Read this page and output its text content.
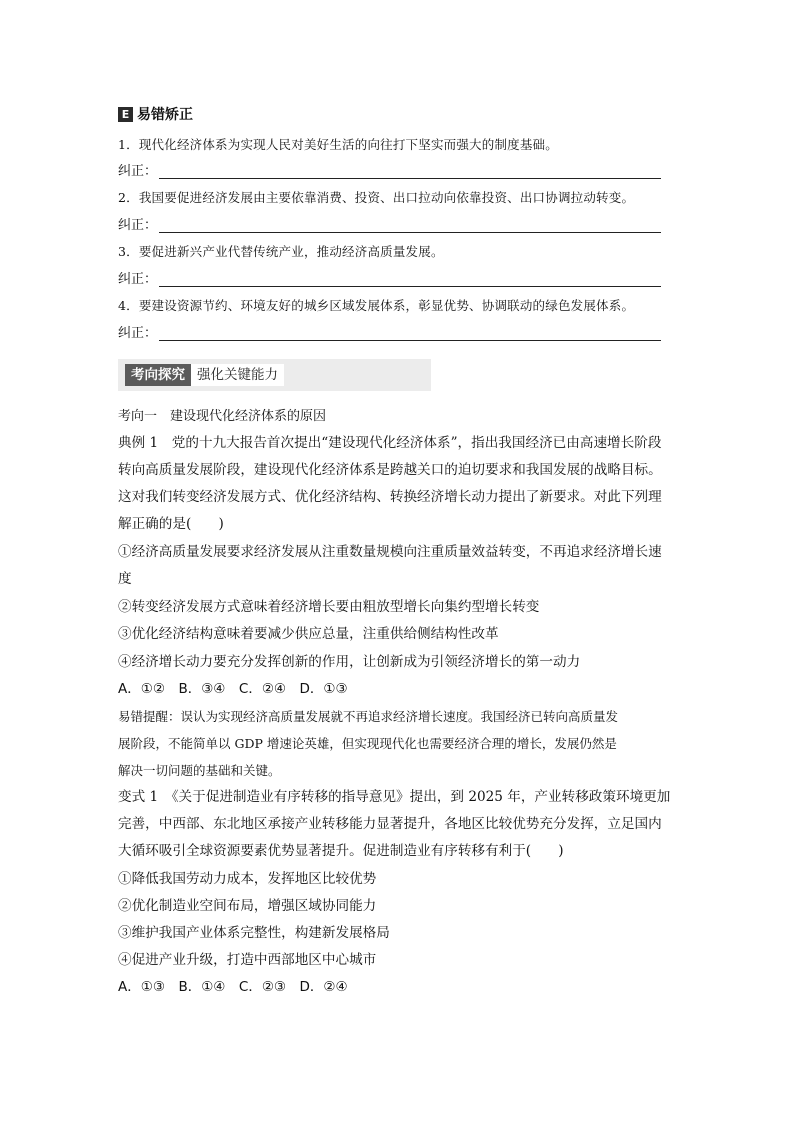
E 易错矫正
1．现代化经济体系为实现人民对美好生活的向往打下坚实而强大的制度基础。
纠正：
2．我国要促进经济发展由主要依靠消费、投资、出口拉动向依靠投资、出口协调拉动转变。
纠正：
3．要促进新兴产业代替传统产业，推动经济高质量发展。
纠正：
4．要建设资源节约、环境友好的城乡区域发展体系，彰显优势、协调联动的绿色发展体系。
纠正：
考向探究 强化关键能力
考向一　建设现代化经济体系的原因
典例 1　党的十九大报告首次提出“建设现代化经济体系”，指出我国经济已由高速增长阶段
转向高质量发展阶段，建设现代化经济体系是跨越关口的迫切要求和我国发展的战略目标。
这对我们转变经济发展方式、优化经济结构、转换经济增长动力提出了新要求。对此下列理
解正确的是(　　)
①经济高质量发展要求经济发展从注重数量规模向注重质量效益转变，不再追求经济增长速
度
②转变经济发展方式意味着经济增长要由粗放型增长向集约型增长转变
③优化经济结构意味着要减少供应总量，注重供给侧结构性改革
④经济增长动力要充分发挥创新的作用，让创新成为引领经济增长的第一动力
A．①②　B．③④　C．②④　D．①③
易错提醒：误认为实现经济高质量发展就不再追求经济增长速度。我国经济已转向高质量发
展阶段，不能简单以 GDP 增速论英雄，但实现现代化也需要经济合理的增长，发展仍然是
解决一切问题的基础和关键。
变式 1　《关于促进制造业有序转移的指导意见》提出，到 2025 年，产业转移政策环境更加
完善，中西部、东北地区承接产业转移能力显著提升，各地区比较优势充分发挥，立足国内
大循环吸引全球资源要素优势显著提升。促进制造业有序转移有利于(　　)
①降低我国劳动力成本，发挥地区比较优势
②优化制造业空间布局，增强区域协同能力
③维护我国产业体系完整性，构建新发展格局
④促进产业升级，打造中西部地区中心城市
A．①③　B．①④　C．②③　D．②④
